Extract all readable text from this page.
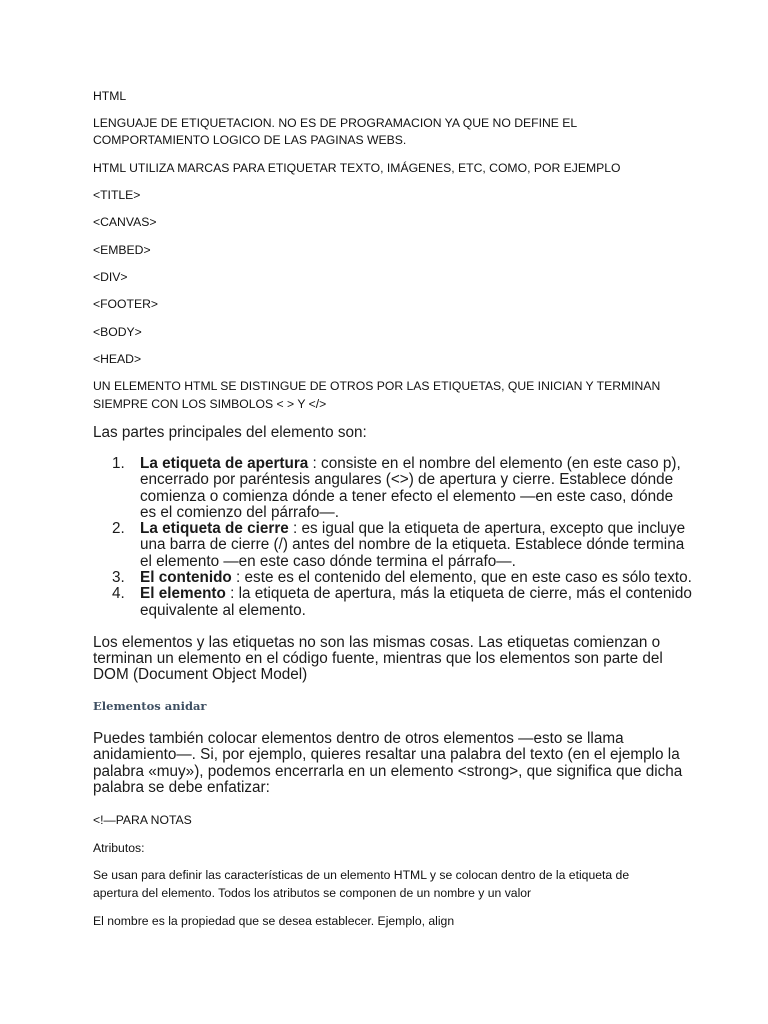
HTML

LENGUAJE DE ETIQUETACION. NO ES DE PROGRAMACION YA QUE NO DEFINE EL

COMPORTAMIENTO LOGICO DE LAS PAGINAS WEBS.

HTML UTILIZA MARCAS PARA ETIQUETAR TEXTO, IMÁGENES, ETC, COMO, POR EJEMPLO

<TITLE>

<CANVAS>

<EMBED>

<DIV>

<FOOTER>

<BODY>

<HEAD>

UN ELEMENTO HTML SE DISTINGUE DE OTROS POR LAS ETIQUETAS, QUE INICIAN Y TERMINAN

SIEMPRE CON LOS SIMBOLOS < > Y </>

Las partes principales del elemento son:

1. La etiqueta de apertura : consiste en el nombre del elemento (en este caso p),
encerrado por paréntesis angulares (<>) de apertura y cierre. Establece dónde
comienza o comienza dónde a tener efecto el elemento —en este caso, dónde
es el comienzo del párrafo—.
2. La etiqueta de cierre : es igual que la etiqueta de apertura, excepto que incluye
una barra de cierre (/) antes del nombre de la etiqueta. Establece dónde termina
el elemento —en este caso dónde termina el párrafo—.
3. El contenido : este es el contenido del elemento, que en este caso es sólo texto.
4. El elemento : la etiqueta de apertura, más la etiqueta de cierre, más el contenido
equivalente al elemento.

Los elementos y las etiquetas no son las mismas cosas. Las etiquetas comienzan o

terminan un elemento en el código fuente, mientras que los elementos son parte del

DOM (Document Object Model)

Elementos anidar

Puedes también colocar elementos dentro de otros elementos —esto se llama

anidamiento—. Si, por ejemplo, quieres resaltar una palabra del texto (en el ejemplo la

palabra «muy»), podemos encerrarla en un elemento <strong>, que significa que dicha

palabra se debe enfatizar:

<!—PARA NOTAS

Atributos:

Se usan para definir las características de un elemento HTML y se colocan dentro de la etiqueta de

apertura del elemento. Todos los atributos se componen de un nombre y un valor

El nombre es la propiedad que se desea establecer. Ejemplo, align
